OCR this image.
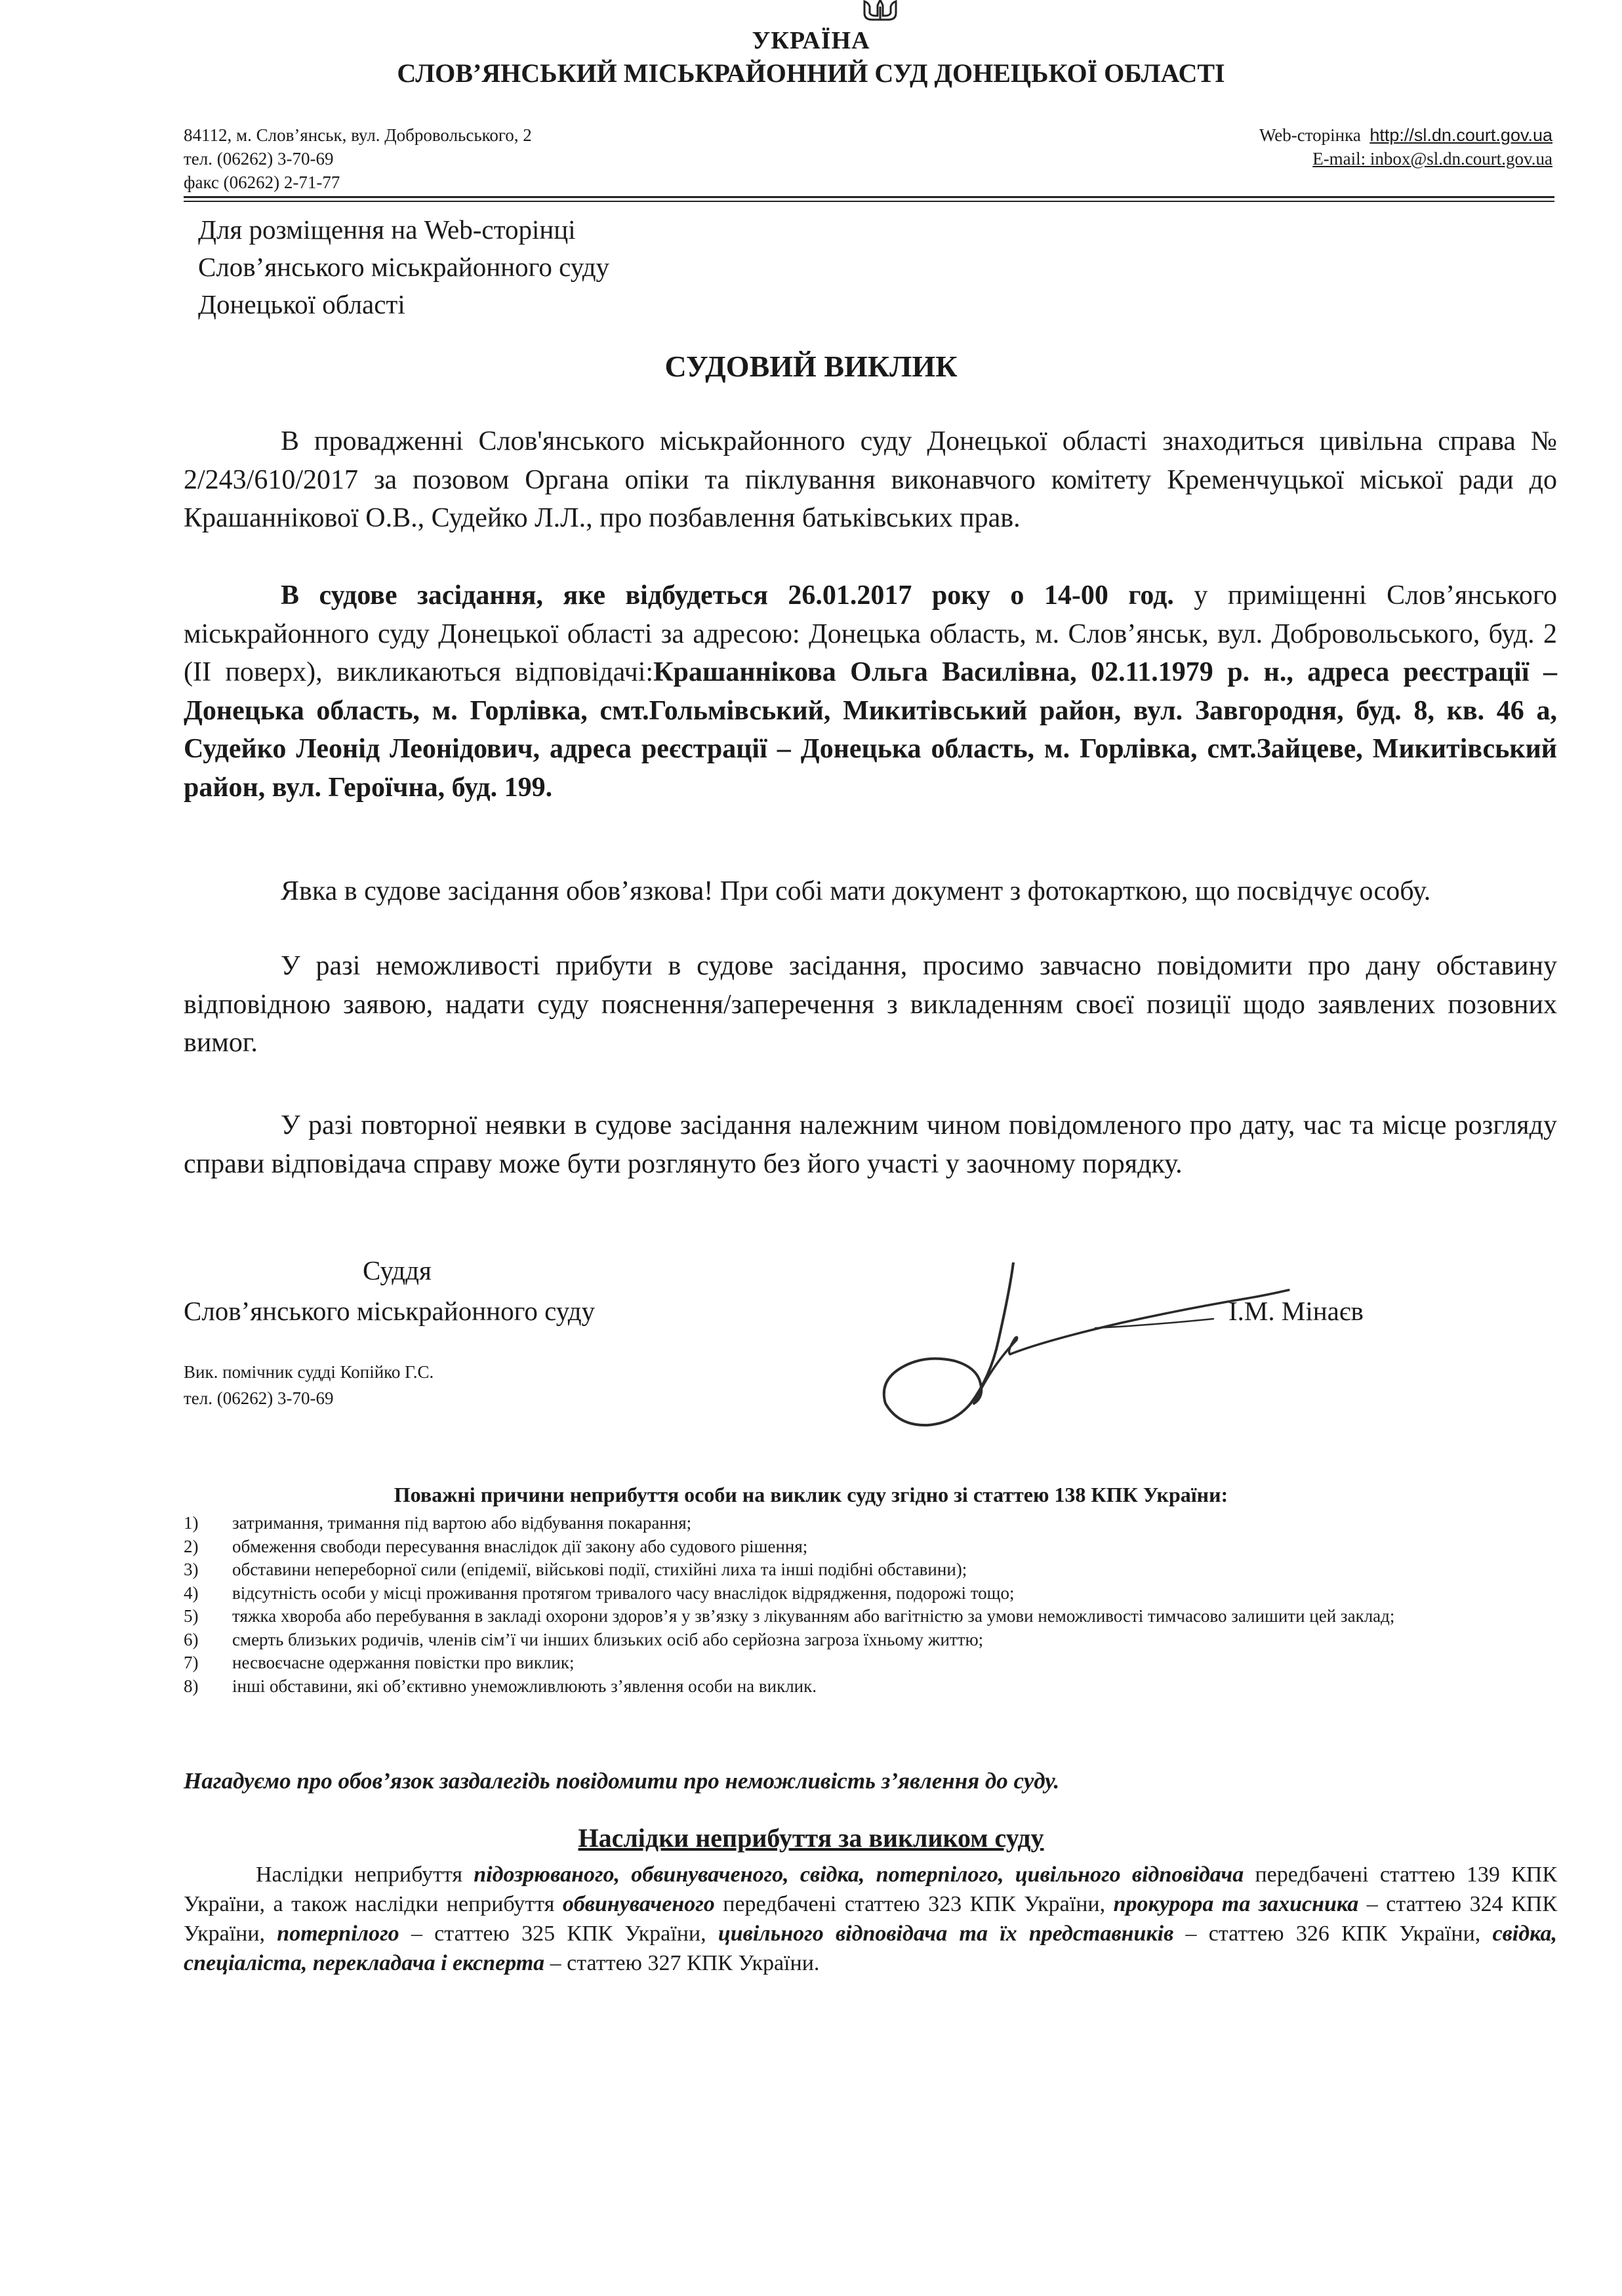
УКРАЇНА
СЛОВ’ЯНСЬКИЙ МІСЬКРАЙОННИЙ СУД ДОНЕЦЬКОЇ ОБЛАСТІ
84112, м. Слов’янськ, вул. Добровольського, 2
тел. (06262) 3-70-69
факс (06262) 2-71-77
Web-сторінка http://sl.dn.court.gov.ua
E-mail: inbox@sl.dn.court.gov.ua
Для розміщення на Web-сторінці
Слов’янського міськрайонного суду
Донецької області
СУДОВИЙ ВИКЛИК

В провадженні Слов'янського міськрайонного суду Донецької області знаходиться цивільна справа № 2/243/610/2017 за позовом Органа опіки та піклування виконавчого комітету Кременчуцької міської ради до Крашаннікової О.В., Судейко Л.Л., про позбавлення батьківських прав.

В судове засідання, яке відбудеться 26.01.2017 року о 14-00 год. у приміщенні Слов’янського міськрайонного суду Донецької області за адресою: Донецька область, м. Слов’янськ, вул. Добровольського, буд. 2 (ІІ поверх), викликаються відповідачі:Крашаннікова Ольга Василівна, 02.11.1979 р. н., адреса реєстрації – Донецька область, м. Горлівка, смт.Гольмівський, Микитівський район, вул. Завгородня, буд. 8, кв. 46 а, Судейко Леонід Леонідович, адреса реєстрації – Донецька область, м. Горлівка, смт.Зайцеве, Микитівський район, вул. Героїчна, буд. 199.

Явка в судове засідання обов’язкова! При собі мати документ з фотокарткою, що посвідчує особу.

У разі неможливості прибути в судове засідання, просимо завчасно повідомити про дану обставину відповідною заявою, надати суду пояснення/заперечення з викладенням своєї позиції щодо заявлених позовних вимог.

У разі повторної неявки в судове засідання належним чином повідомленого про дату, час та місце розгляду справи відповідача справу може бути розглянуто без його участі у заочному порядку.

Суддя
Слов’янського міськрайонного суду	І.М. Мінаєв
Вик. помічник судді Копійко Г.С.
тел. (06262) 3-70-69
Поважні причини неприбуття особи на виклик суду згідно зі статтею 138 КПК України:
1) затримання, тримання під вартою або відбування покарання;
2) обмеження свободи пересування внаслідок дії закону або судового рішення;
3) обставини непереборної сили (епідемії, військові події, стихійні лиха та інші подібні обставини);
4) відсутність особи у місці проживання протягом тривалого часу внаслідок відрядження, подорожі тощо;
5) тяжка хвороба або перебування в закладі охорони здоров’я у зв’язку з лікуванням або вагітністю за умови неможливості тимчасово залишити цей заклад;
6) смерть близьких родичів, членів сім’ї чи інших близьких осіб або серйозна загроза їхньому життю;
7) несвоєчасне одержання повістки про виклик;
8) інші обставини, які об’єктивно унеможливлюють з’явлення особи на виклик.
Нагадуємо про обов’язок заздалегідь повідомити про неможливість з’явлення до суду.
Наслідки неприбуття за викликом суду
Наслідки неприбуття підозрюваного, обвинуваченого, свідка, потерпілого, цивільного відповідача передбачені статтею 139 КПК України, а також наслідки неприбуття обвинуваченого передбачені статтею 323 КПК України, прокурора та захисника – статтею 324 КПК України, потерпілого – статтею 325 КПК України, цивільного відповідача та їх представників – статтею 326 КПК України, свідка, спеціаліста, перекладача і експерта – статтею 327 КПК України.
